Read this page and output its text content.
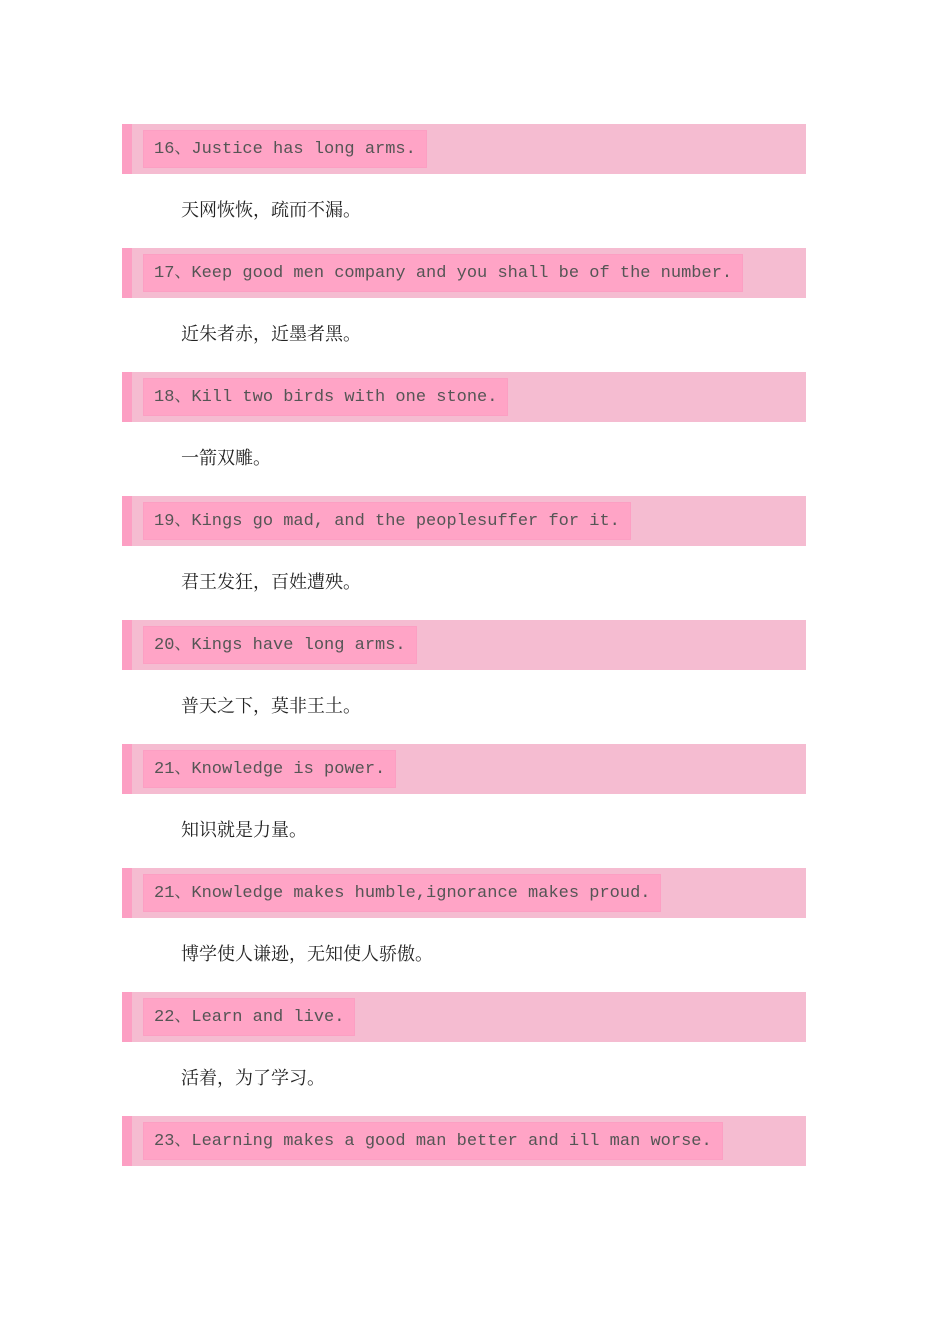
16、Justice has long arms.
天网恢恢，疏而不漏。
17、Keep good men company and you shall be of the number.
近朱者赤，近墨者黑。
18、Kill two birds with one stone.
一箭双雕。
19、Kings go mad, and the peoplesuffer for it.
君王发狂，百姓遭殃。
20、Kings have long arms.
普天之下，莫非王土。
21、Knowledge is power.
知识就是力量。
21、Knowledge makes humble,ignorance makes proud.
博学使人谦逊，无知使人骄傲。
22、Learn and live.
活着，为了学习。
23、Learning makes a good man better and ill man worse.
